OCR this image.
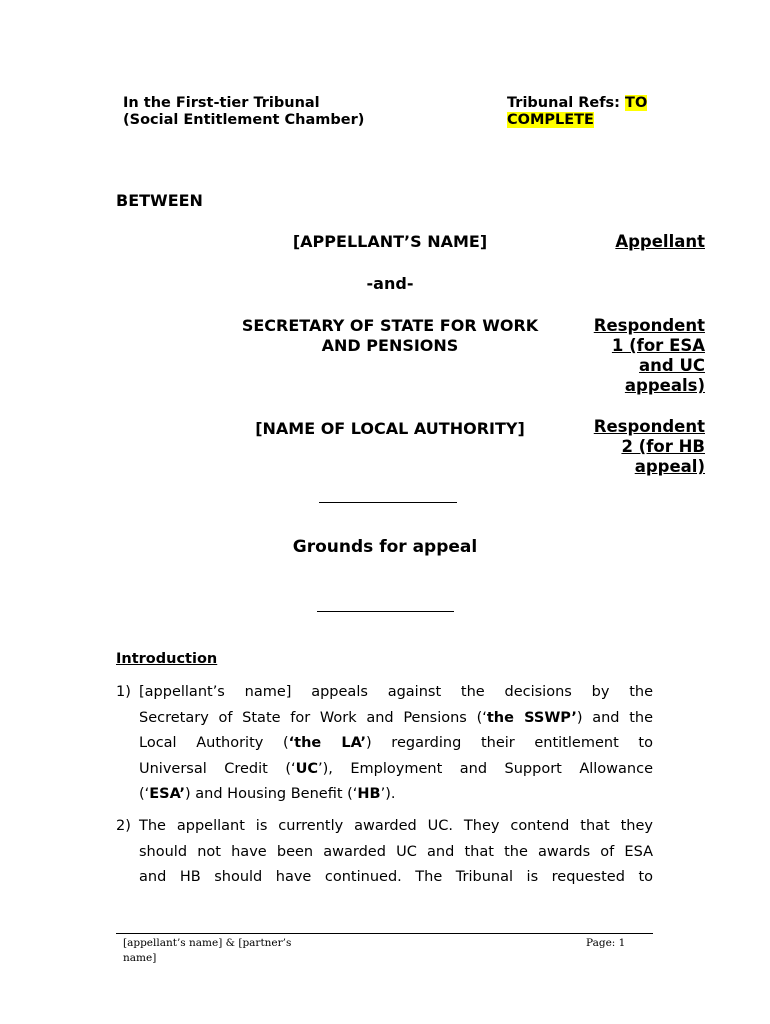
In the First-tier Tribunal
(Social Entitlement Chamber)
Tribunal Refs: TO
COMPLETE
BETWEEN
[APPELLANT’S NAME]	Appellant
-and-
SECRETARY OF STATE FOR WORK
AND PENSIONS
Respondent
1 (for ESA
and UC
appeals)
[NAME OF LOCAL AUTHORITY]	Respondent
2 (for HB
appeal)
Grounds for appeal
Introduction
1) [appellant’s name] appeals against the decisions by the
Secretary of State for Work and Pensions (‘the SSWP’) and the
Local Authority (‘the LA’) regarding their entitlement to
Universal Credit (‘UC’), Employment and Support Allowance
(‘ESA’) and Housing Benefit (‘HB’).
2) The appellant is currently awarded UC. They contend that they
should not have been awarded UC and that the awards of ESA
and HB should have continued. The Tribunal is requested to
[appellant’s name] & [partner’s
name]
Page: 1
